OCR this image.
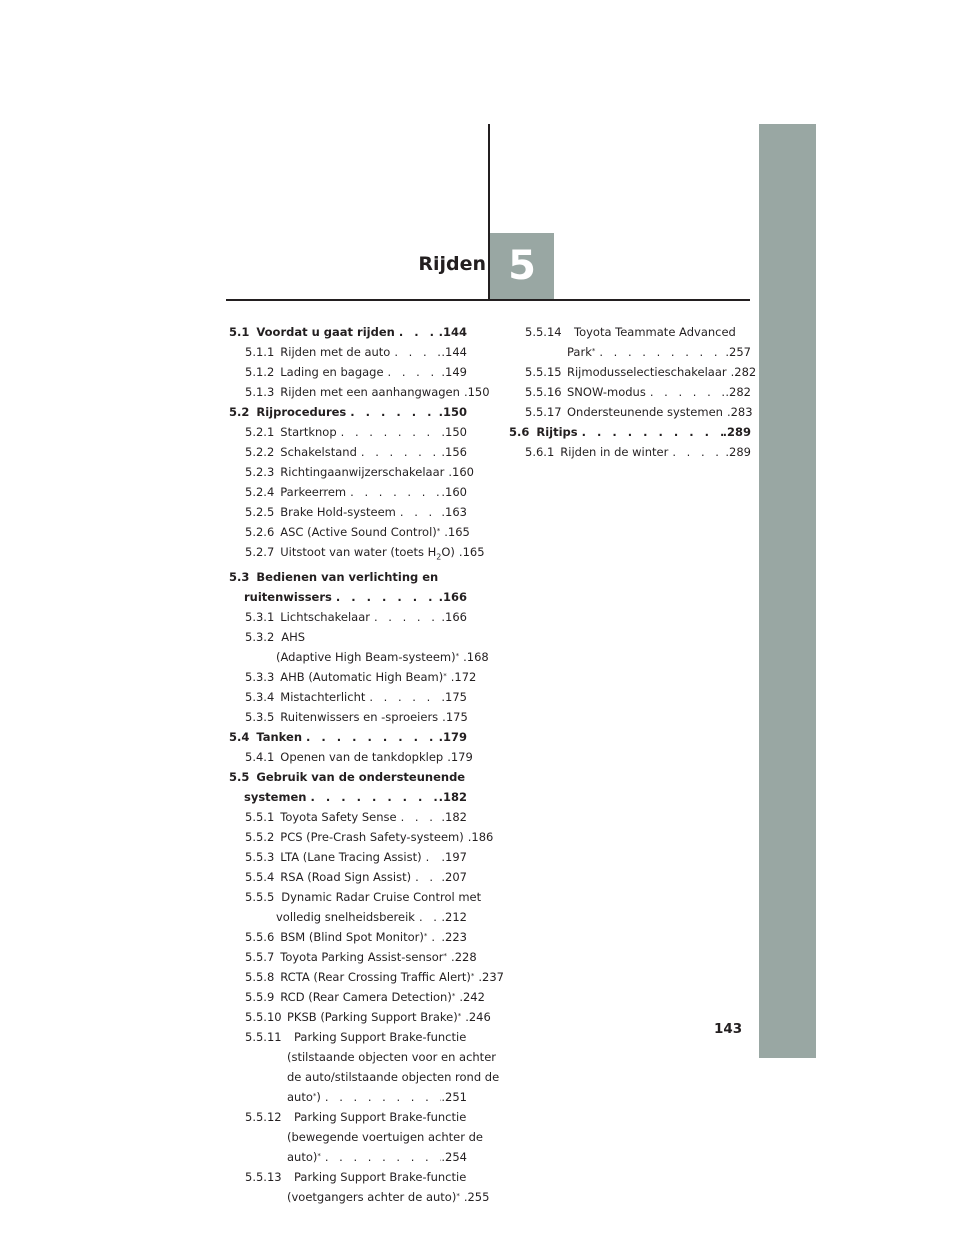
Rijden 5
5.1 Voordat u gaat rijden . . .	. 144
5.1.1 Rijden met de auto . . .	. 144
5.1.2 Lading en bagage . . .	. 149
5.1.3 Rijden met een aanhangwagen . . . . 150
5.2 Rijprocedures . . .	. 150
5.2.1 Startknop . . .	. 150
5.2.2 Schakelstand . . .	. 156
5.2.3 Richtingaanwijzerschakelaar . . . . 160
5.2.4 Parkeerrem . . .	. 160
5.2.5 Brake Hold-systeem . . .	. 163
5.2.6 ASC (Active Sound Control)* . . . . 165
5.2.7 Uitstoot van water (toets $H_2O$) . . . . 165
5.3 Bedienen van verlichting en
ruitenwissers . . .	. 166
5.3.1 Lichtschakelaar . . .	. 166
5.3.2 AHS
(Adaptive High Beam-systeem)* . . . . 168
5.3.3 AHB (Automatic High Beam)* . . . . 172
5.3.4 Mistachterlicht . . .	. 175
5.3.5 Ruitenwissers en -sproeiers . . . . 175
5.4 Tanken . . .	. 179
5.4.1 Openen van de tankdopklep . . . . 179
5.5 Gebruik van de ondersteunende
systemen . . .	. 182
5.5.1 Toyota Safety Sense . . .	. 182
5.5.2 PCS (Pre-Crash Safety-systeem) . . . . 186
5.5.3 LTA (Lane Tracing Assist) . . .	. 197
5.5.4 RSA (Road Sign Assist) . . .	. 207
5.5.5 Dynamic Radar Cruise Control met
volledig snelheidsbereik . . .	. 212
5.5.6 BSM (Blind Spot Monitor)* . . .	. 223
5.5.7 Toyota Parking Assist-sensor* . . . . 228
5.5.8 RCTA (Rear Crossing Traffic Alert)* . . . . 237
5.5.9 RCD (Rear Camera Detection)* . . . . 242
5.5.10 PKSB (Parking Support Brake)* . . . . 246
5.5.11 Parking Support Brake-functie
(stilstaande objecten voor en achter
de auto/stilstaande objecten rond de
auto*) . . .	. 251
5.5.12 Parking Support Brake-functie
(bewegende voertuigen achter de
auto)* . . .	. 254
5.5.13 Parking Support Brake-functie
(voetgangers achter de auto)* . . . . 255
5.5.14 Toyota Teammate Advanced
Park* . . .	. 257
5.5.15 Rijmodusselectieschakelaar . . . . 282
5.5.16 SNOW-modus . . .	. 282
5.5.17 Ondersteunende systemen . . . . 283
5.6 Rijtips . . .	. 289
5.6.1 Rijden in de winter . . .	. 289
143
